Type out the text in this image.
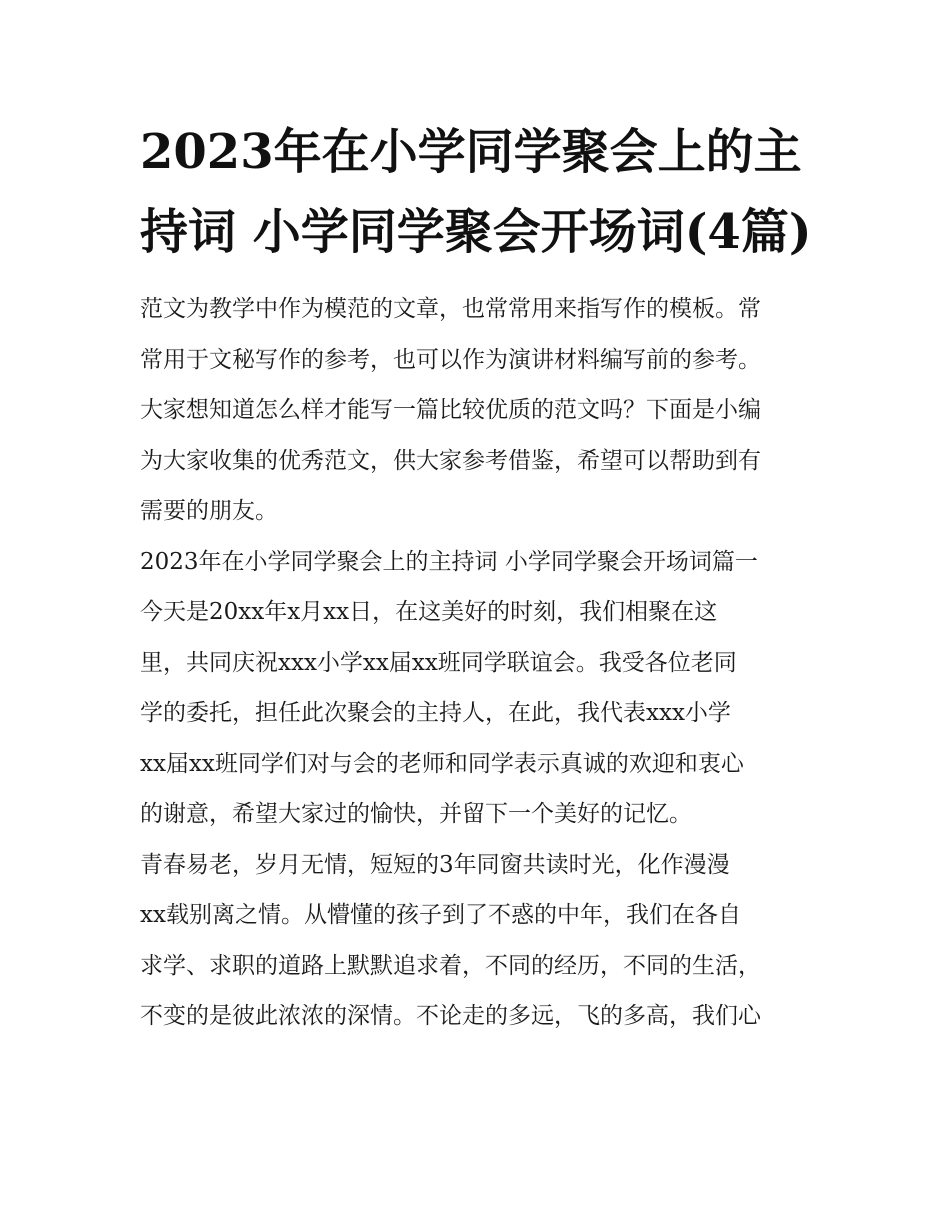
2023年在小学同学聚会上的主持词 小学同学聚会开场词(4篇)
范文为教学中作为模范的文章，也常常用来指写作的模板。常
常用于文秘写作的参考，也可以作为演讲材料编写前的参考。
大家想知道怎么样才能写一篇比较优质的范文吗？下面是小编
为大家收集的优秀范文，供大家参考借鉴，希望可以帮助到有
需要的朋友。
2023年在小学同学聚会上的主持词 小学同学聚会开场词篇一
今天是20xx年x月xx日，在这美好的时刻，我们相聚在这
里，共同庆祝xxx小学xx届xx班同学联谊会。我受各位老同
学的委托，担任此次聚会的主持人，在此，我代表xxx小学
xx届xx班同学们对与会的老师和同学表示真诚的欢迎和衷心
的谢意，希望大家过的愉快，并留下一个美好的记忆。
青春易老，岁月无情，短短的3年同窗共读时光，化作漫漫
xx载别离之情。从懵懂的孩子到了不惑的中年，我们在各自
求学、求职的道路上默默追求着，不同的经历，不同的生活，
不变的是彼此浓浓的深情。不论走的多远，飞的多高，我们心
